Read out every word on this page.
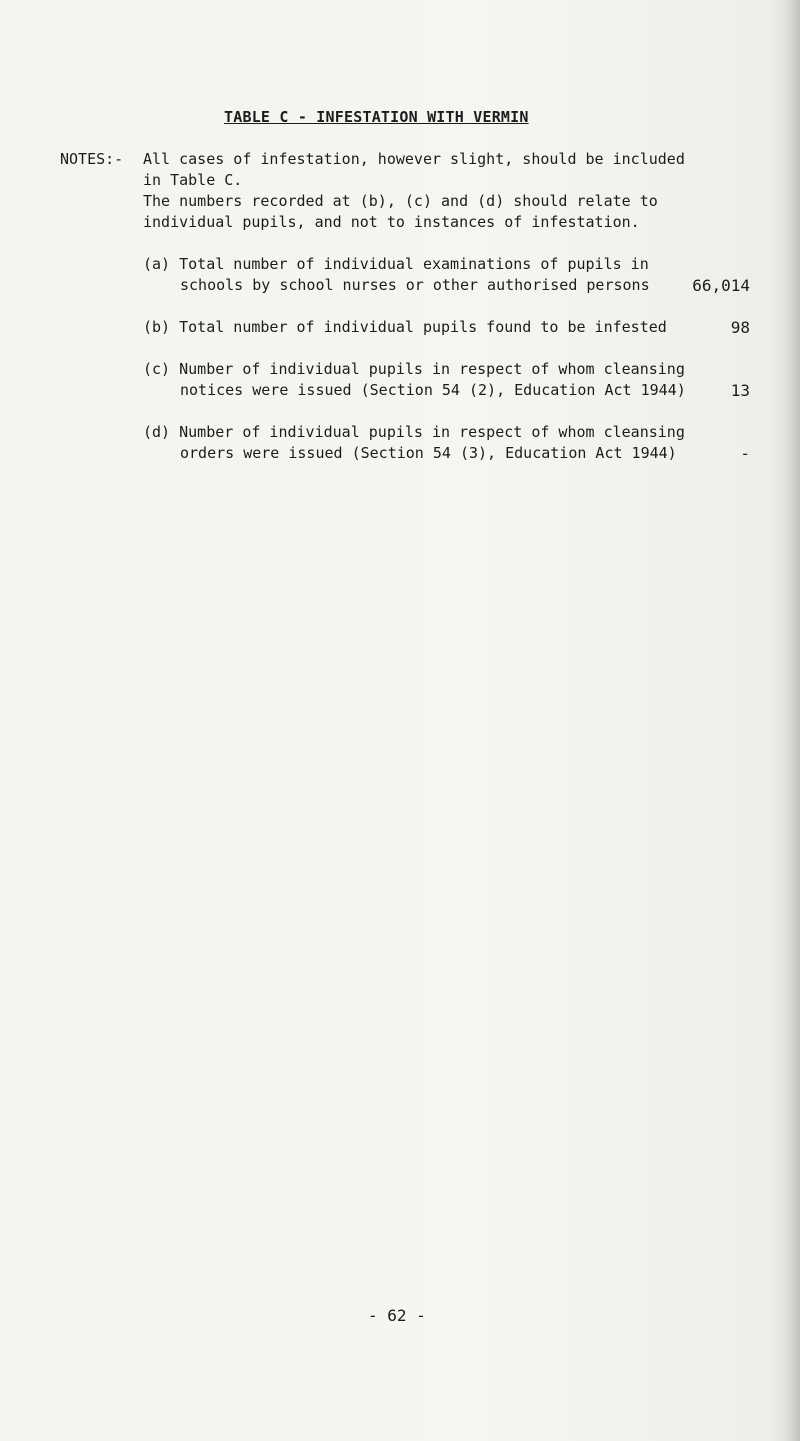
TABLE C - INFESTATION WITH VERMIN
NOTES:- All cases of infestation, however slight, should be included
in Table C.
The numbers recorded at (b), (c) and (d) should relate to
individual pupils, and not to instances of infestation.
(a) Total number of individual examinations of pupils in
schools by school nurses or other authorised persons	66,014
(b) Total number of individual pupils found to be infested	98
(c) Number of individual pupils in respect of whom cleansing
notices were issued (Section 54 (2), Education Act 1944)	13
(d) Number of individual pupils in respect of whom cleansing
orders were issued (Section 54 (3), Education Act 1944)	-
- 62 -
